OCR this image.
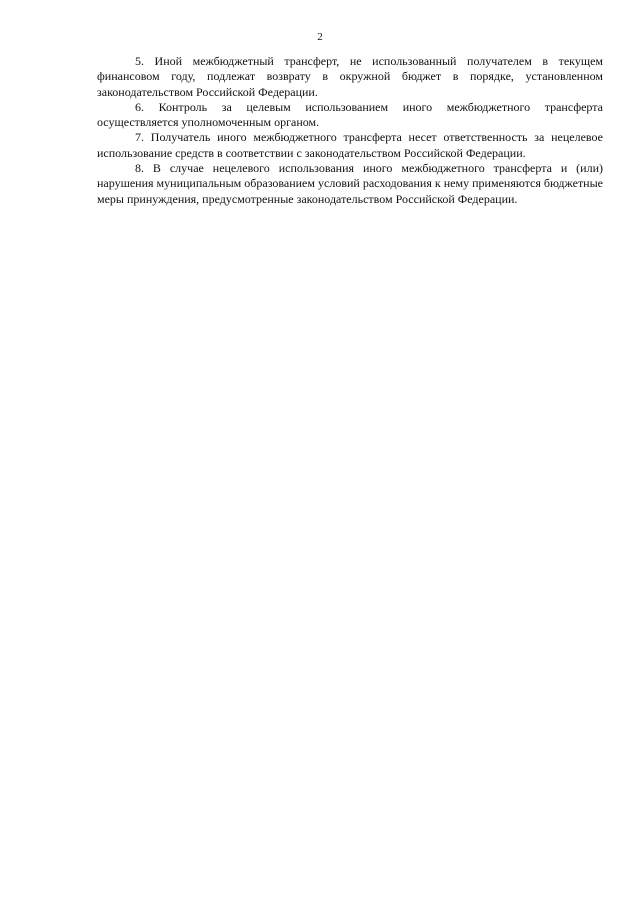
2

5. Иной межбюджетный трансферт, не использованный получателем в текущем финансовом году, подлежат возврату в окружной бюджет в порядке, установленном законодательством Российской Федерации.

6. Контроль за целевым использованием иного межбюджетного трансферта осуществляется уполномоченным органом.

7. Получатель иного межбюджетного трансферта несет ответственность за нецелевое использование средств в соответствии с законодательством Российской Федерации.

8. В случае нецелевого использования иного межбюджетного трансферта и (или) нарушения муниципальным образованием условий расходования к нему применяются бюджетные меры принуждения, предусмотренные законодательством Российской Федерации.
